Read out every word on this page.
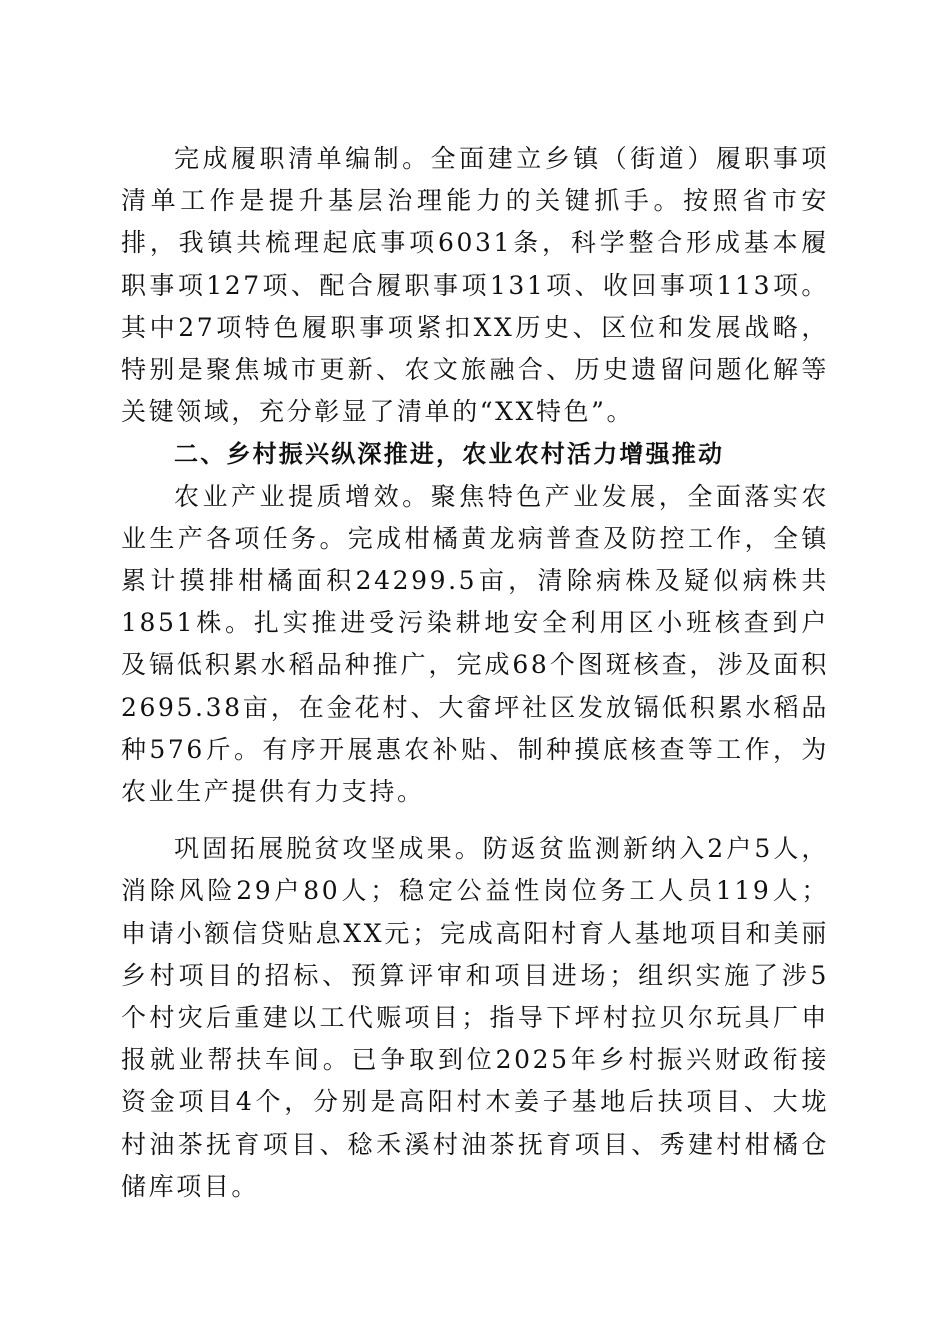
完成履职清单编制。全面建立乡镇（街道）履职事项清单工作是提升基层治理能力的关键抓手。按照省市安排，我镇共梳理起底事项6031条，科学整合形成基本履职事项127项、配合履职事项131项、收回事项113项。其中27项特色履职事项紧扣XX历史、区位和发展战略，特别是聚焦城市更新、农文旅融合、历史遗留问题化解等关键领域，充分彰显了清单的“XX特色”。

二、乡村振兴纵深推进，农业农村活力增强推动

农业产业提质增效。聚焦特色产业发展，全面落实农业生产各项任务。完成柑橘黄龙病普查及防控工作，全镇累计摸排柑橘面积24299.5亩，清除病株及疑似病株共1851株。扎实推进受污染耕地安全利用区小班核查到户及镉低积累水稻品种推广，完成68个图斑核查，涉及面积2695.38亩，在金花村、大畲坪社区发放镉低积累水稻品种576斤。有序开展惠农补贴、制种摸底核查等工作，为农业生产提供有力支持。

巩固拓展脱贫攻坚成果。防返贫监测新纳入2户5人，消除风险29户80人；稳定公益性岗位务工人员119人；申请小额信贷贴息XX元；完成高阳村育人基地项目和美丽乡村项目的招标、预算评审和项目进场；组织实施了涉5个村灾后重建以工代赈项目；指导下坪村拉贝尔玩具厂申报就业帮扶车间。已争取到位2025年乡村振兴财政衔接资金项目4个，分别是高阳村木姜子基地后扶项目、大垅村油茶抚育项目、稔禾溪村油茶抚育项目、秀建村柑橘仓储库项目。
